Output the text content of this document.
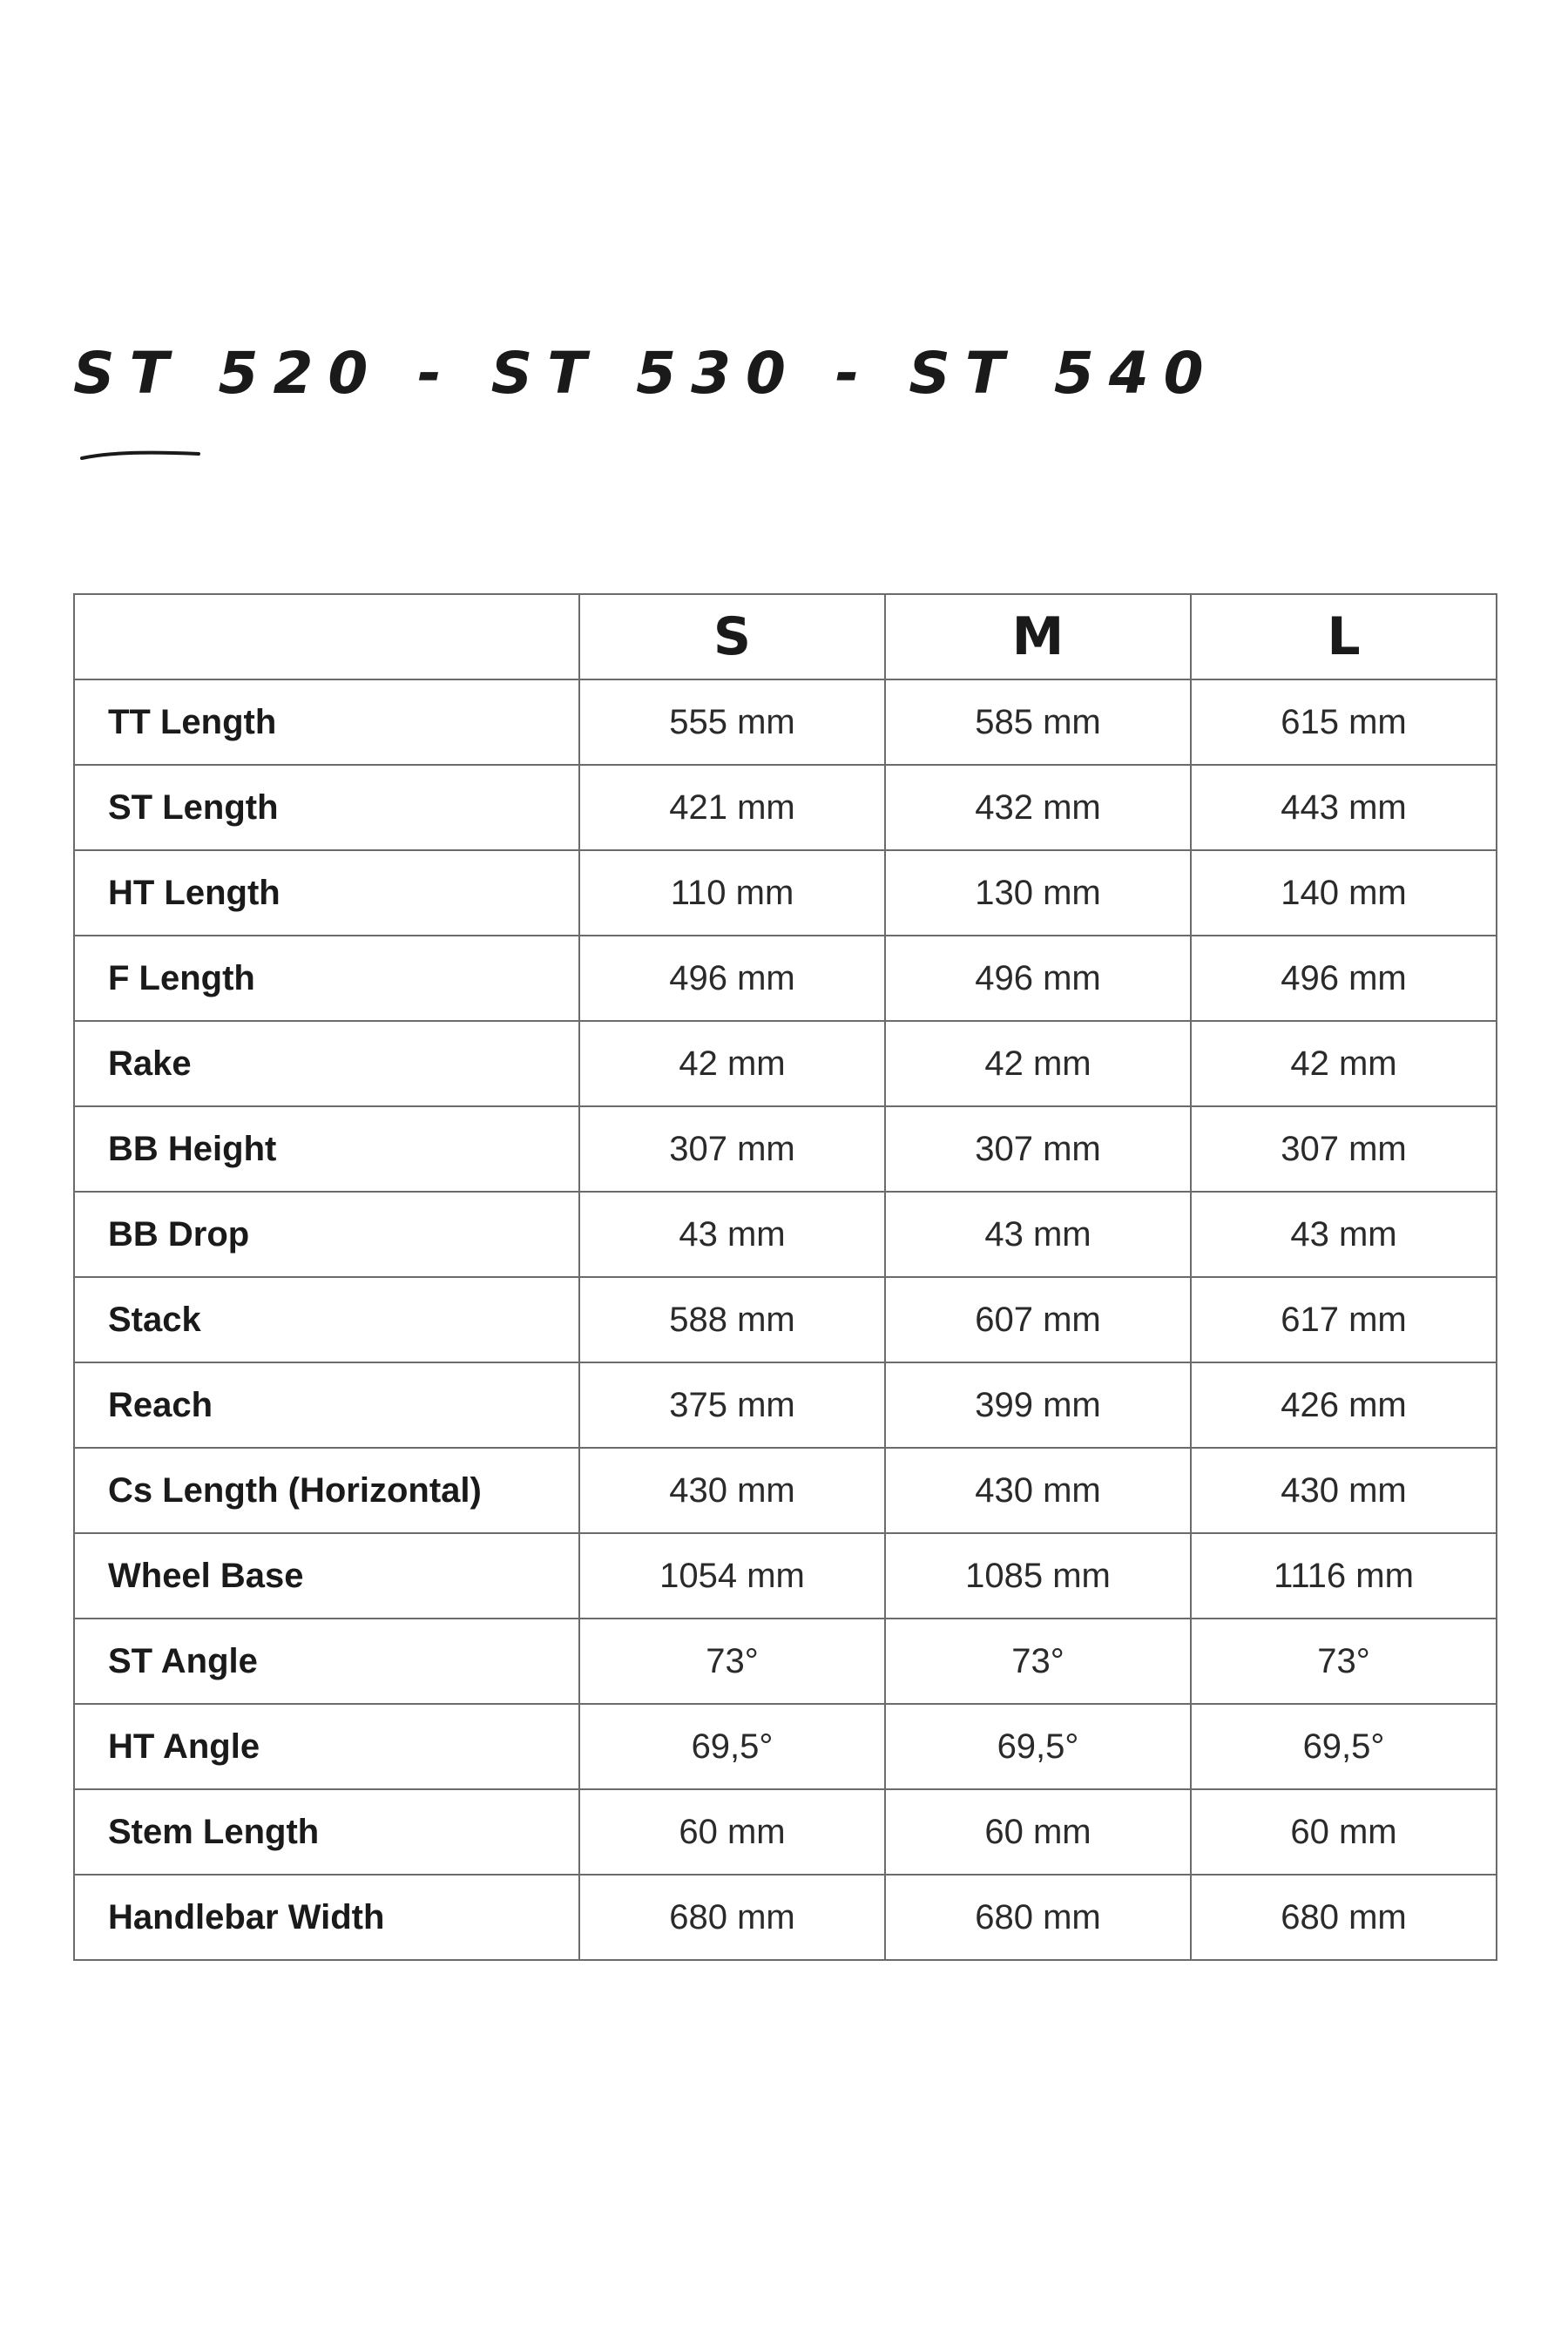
ST 520 - ST 530 - ST 540
	S	M	L
TT Length	555 mm	585 mm	615 mm
ST Length	421 mm	432 mm	443 mm
HT Length	110 mm	130 mm	140 mm
F Length	496 mm	496 mm	496 mm
Rake	42 mm	42 mm	42 mm
BB Height	307 mm	307 mm	307 mm
BB Drop	43 mm	43 mm	43 mm
Stack	588 mm	607 mm	617 mm
Reach	375 mm	399 mm	426 mm
Cs Length (Horizontal)	430 mm	430 mm	430 mm
Wheel Base	1054 mm	1085 mm	1116 mm
ST Angle	73°	73°	73°
HT Angle	69,5°	69,5°	69,5°
Stem Length	60 mm	60 mm	60 mm
Handlebar Width	680 mm	680 mm	680 mm
